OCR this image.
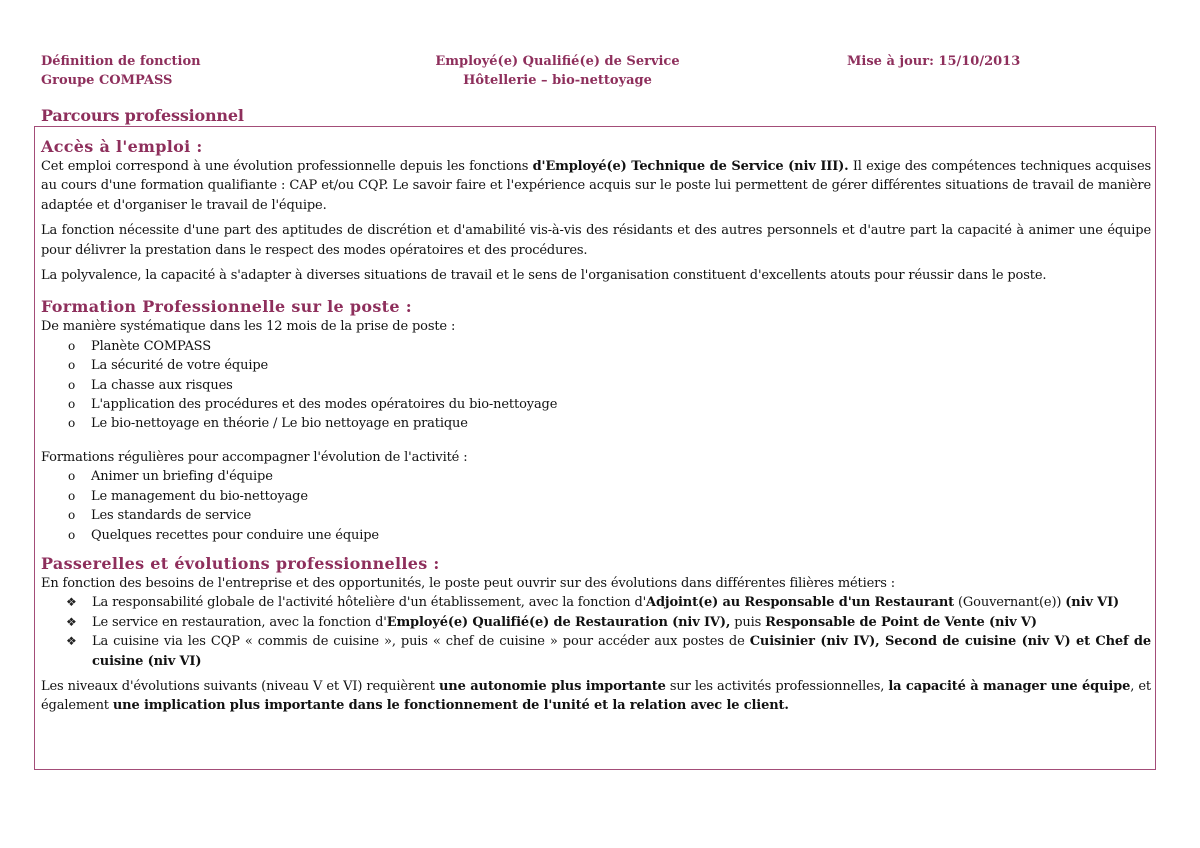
Définition de fonction
Groupe COMPASS
Employé(e) Qualifié(e) de Service
Hôtellerie – bio-nettoyage
Mise à jour: 15/10/2013
Parcours professionnel
Accès à l'emploi :

Cet emploi correspond à une évolution professionnelle depuis les fonctions d'Employé(e) Technique de Service (niv III). Il exige des compétences techniques acquises au cours d'une formation qualifiante : CAP et/ou CQP. Le savoir faire et l'expérience acquis sur le poste lui permettent de gérer différentes situations de travail de manière adaptée et d'organiser le travail de l'équipe.

La fonction nécessite d'une part des aptitudes de discrétion et d'amabilité vis-à-vis des résidants et des autres personnels et d'autre part la capacité à animer une équipe pour délivrer la prestation dans le respect des modes opératoires et des procédures.

La polyvalence, la capacité à s'adapter à diverses situations de travail et le sens de l'organisation constituent d'excellents atouts pour réussir dans le poste.

Formation Professionnelle sur le poste :

De manière systématique dans les 12 mois de la prise de poste :

o Planète COMPASS
o La sécurité de votre équipe
o La chasse aux risques
o L'application des procédures et des modes opératoires du bio-nettoyage
o Le bio-nettoyage en théorie / Le bio nettoyage en pratique

Formations régulières pour accompagner l'évolution de l'activité :

o Animer un briefing d'équipe
o Le management du bio-nettoyage
o Les standards de service
o Quelques recettes pour conduire une équipe
Passerelles et évolutions professionnelles :

En fonction des besoins de l'entreprise et des opportunités, le poste peut ouvrir sur des évolutions dans différentes filières métiers :

❖ La responsabilité globale de l'activité hôtelière d'un établissement, avec la fonction d'Adjoint(e) au Responsable d'un Restaurant (Gouvernant(e)) (niv VI)
❖ Le service en restauration, avec la fonction d'Employé(e) Qualifié(e) de Restauration (niv IV), puis Responsable de Point de Vente (niv V)
❖ La cuisine via les CQP « commis de cuisine », puis « chef de cuisine » pour accéder aux postes de Cuisinier (niv IV), Second de cuisine (niv V) et Chef de cuisine (niv VI)

Les niveaux d'évolutions suivants (niveau V et VI) requièrent une autonomie plus importante sur les activités professionnelles, la capacité à manager une équipe, et également une implication plus importante dans le fonctionnement de l'unité et la relation avec le client.
